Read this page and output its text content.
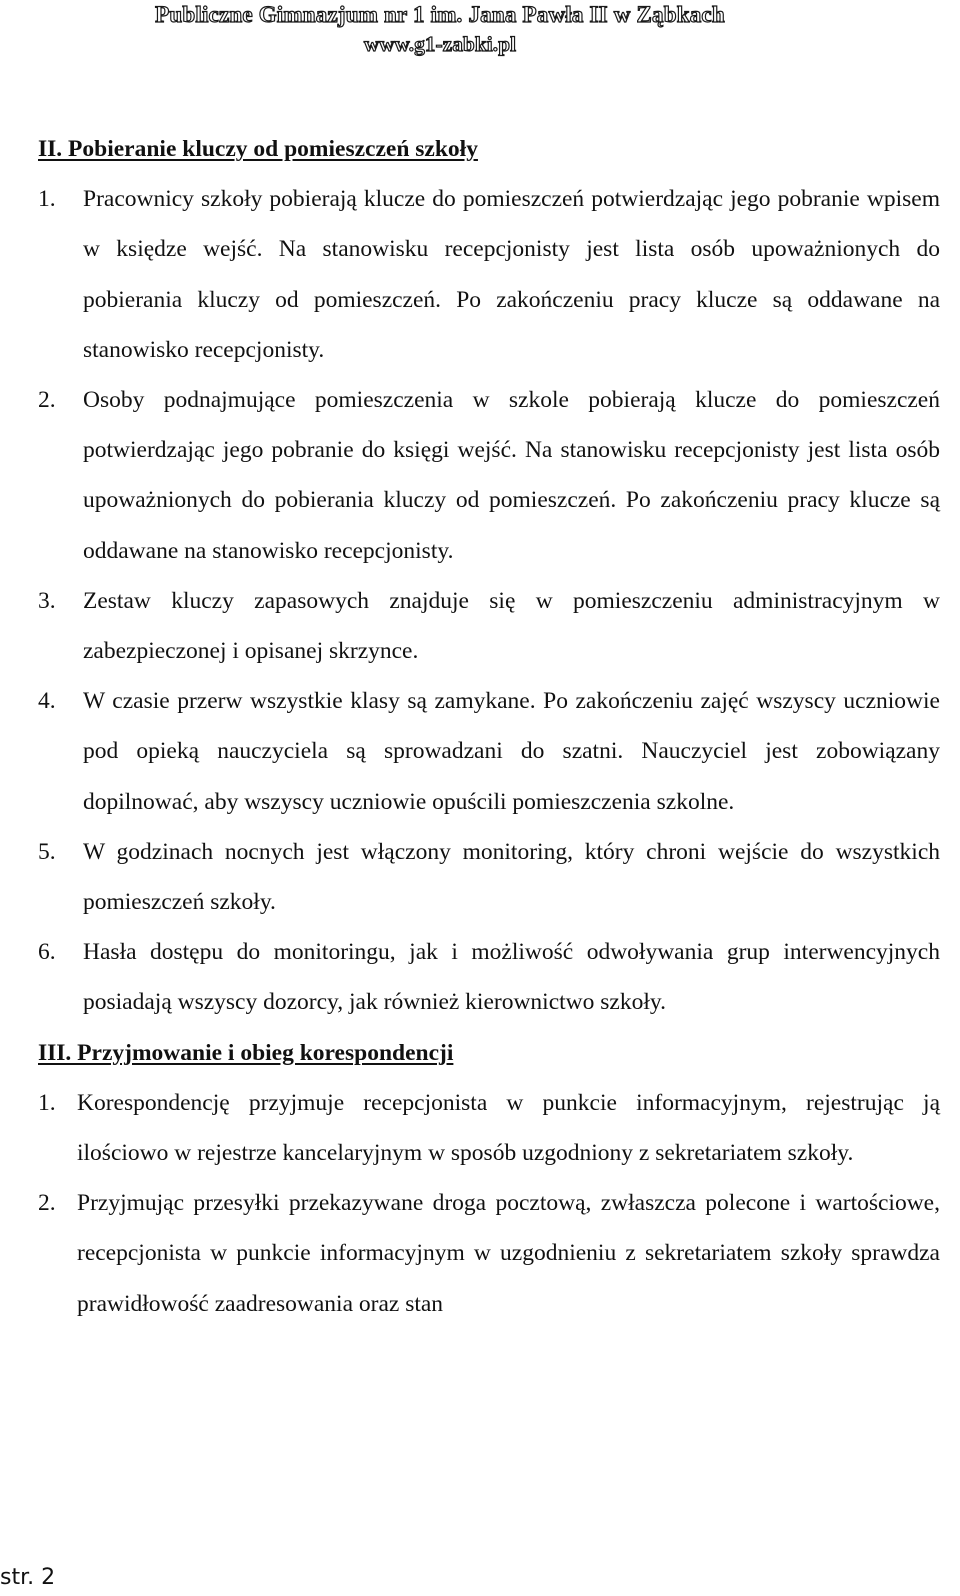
Publiczne Gimnazjum nr 1 im. Jana Pawła II w Ząbkach
www.g1-zabki.pl

II. Pobieranie kluczy od pomieszczeń szkoły

1. Pracownicy szkoły pobierają klucze do pomieszczeń potwierdzając jego pobranie wpisem w księdze wejść. Na stanowisku recepcjonisty jest lista osób upoważnionych do pobierania kluczy od pomieszczeń. Po zakończeniu pracy klucze są oddawane na stanowisko recepcjonisty.
2. Osoby podnajmujące pomieszczenia w szkole pobierają klucze do pomieszczeń potwierdzając jego pobranie do księgi wejść. Na stanowisku recepcjonisty jest lista osób upoważnionych do pobierania kluczy od pomieszczeń. Po zakończeniu pracy klucze są oddawane na stanowisko recepcjonisty.
3. Zestaw kluczy zapasowych znajduje się w pomieszczeniu administracyjnym w zabezpieczonej i opisanej skrzynce.
4. W czasie przerw wszystkie klasy są zamykane. Po zakończeniu zajęć wszyscy uczniowie pod opieką nauczyciela są sprowadzani do szatni. Nauczyciel jest zobowiązany dopilnować, aby wszyscy uczniowie opuścili pomieszczenia szkolne.
5. W godzinach nocnych jest włączony monitoring, który chroni wejście do wszystkich pomieszczeń szkoły.
6. Hasła dostępu do monitoringu, jak i możliwość odwoływania grup interwencyjnych posiadają wszyscy dozorcy, jak również kierownictwo szkoły.

III. Przyjmowanie i obieg korespondencji

1. Korespondencję przyjmuje recepcjonista w punkcie informacyjnym, rejestrując ją ilościowo w rejestrze kancelaryjnym w sposób uzgodniony z sekretariatem szkoły.
2. Przyjmując przesyłki przekazywane droga pocztową, zwłaszcza polecone i wartościowe, recepcjonista w punkcie informacyjnym w uzgodnieniu z sekretariatem szkoły sprawdza prawidłowość zaadresowania oraz stan
str. 2
